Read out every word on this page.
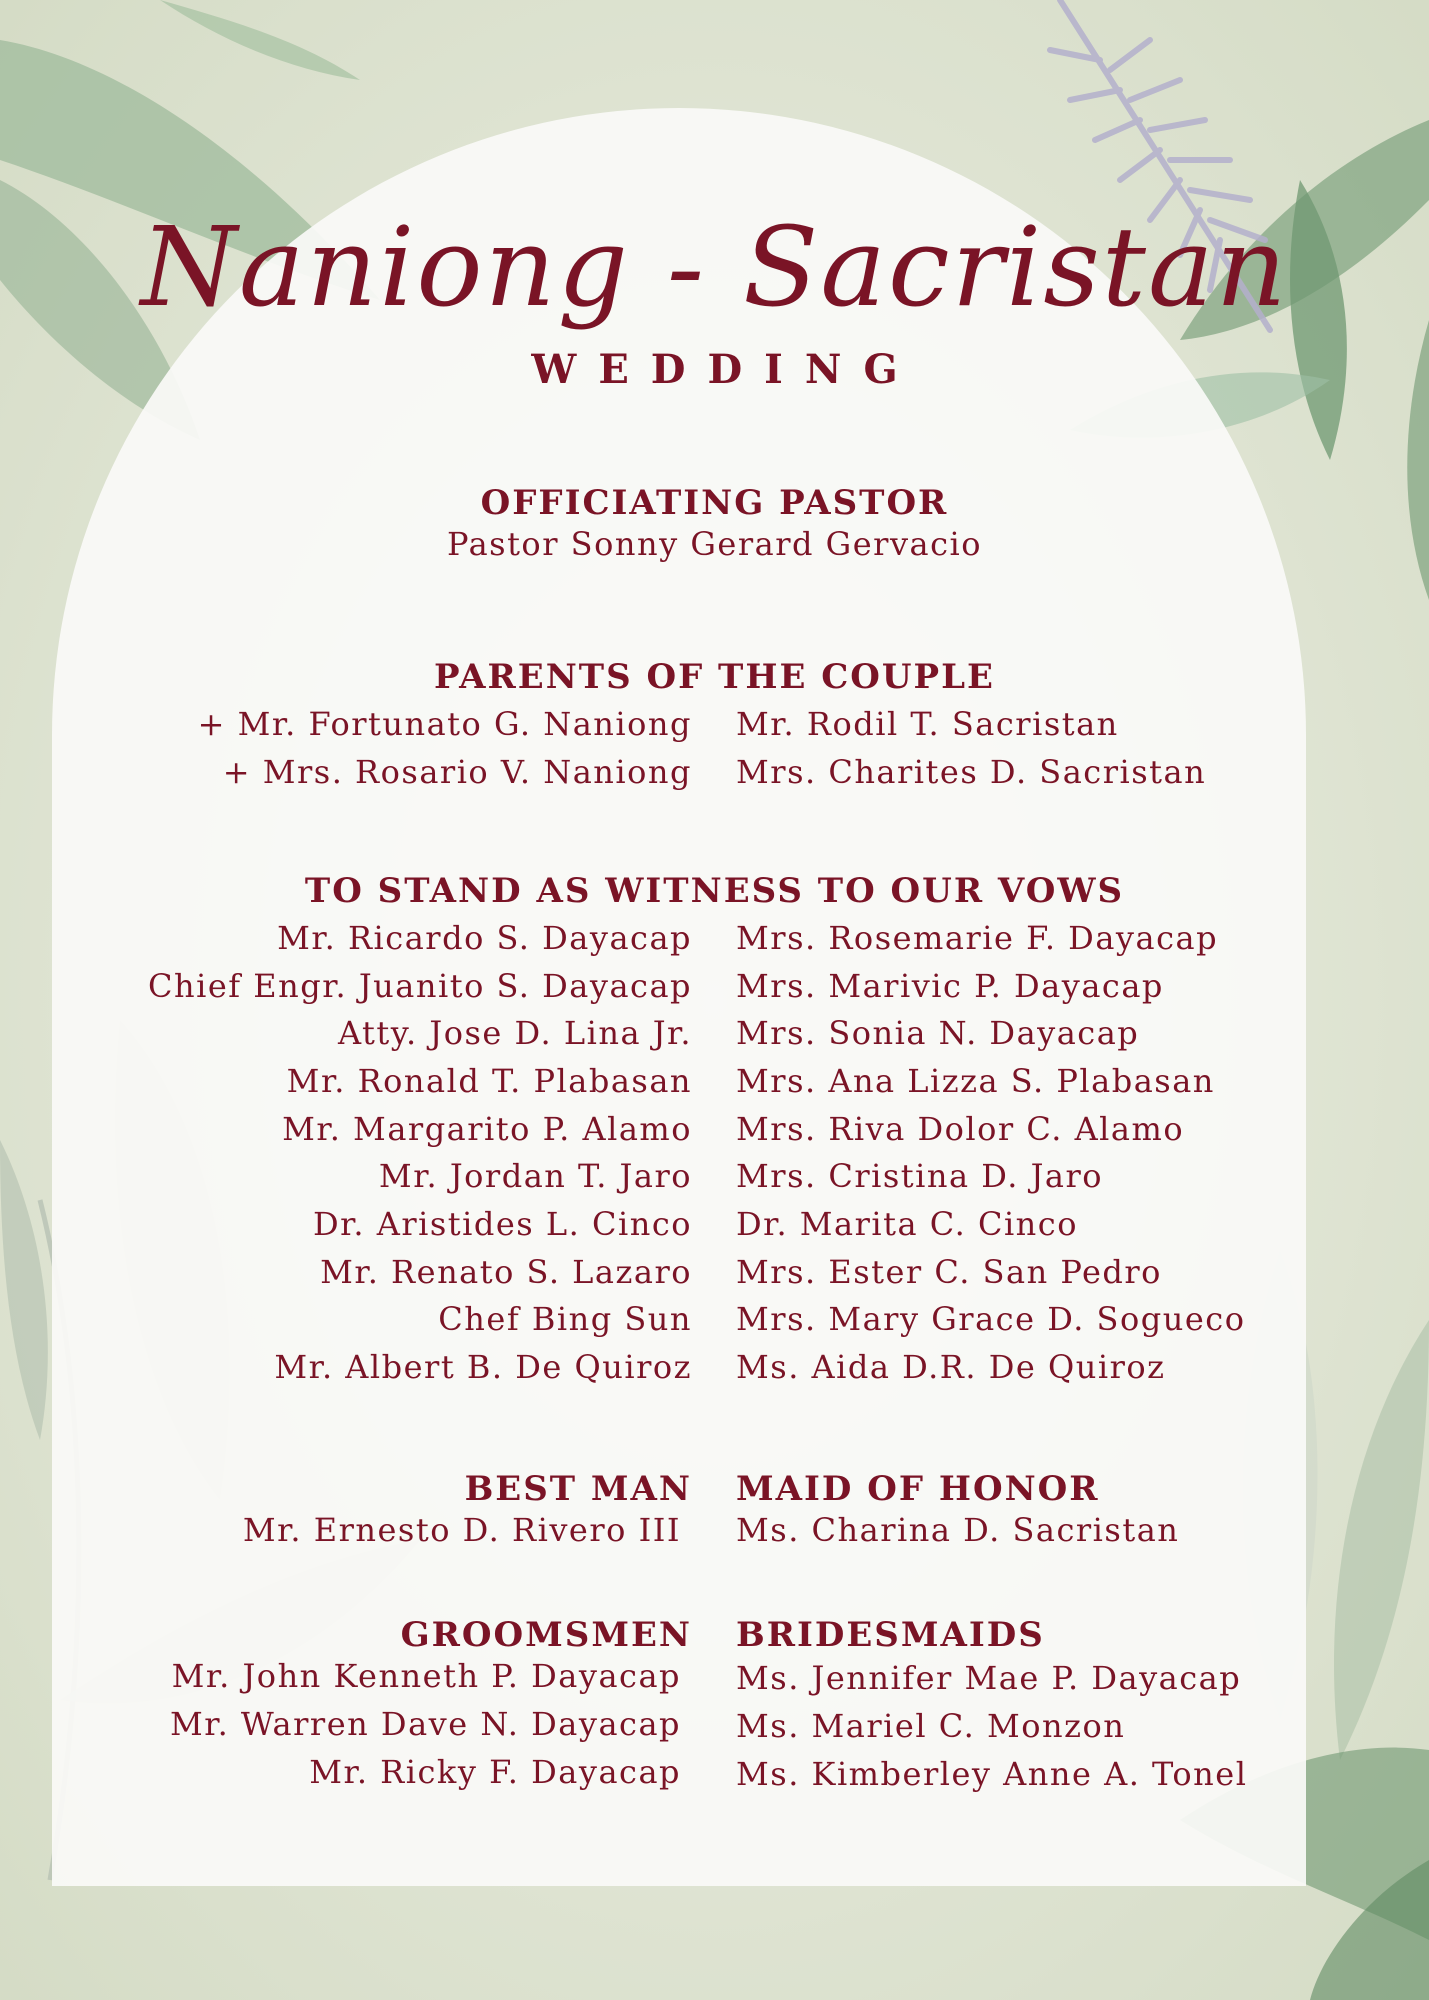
Naniong - Sacristan
WEDDING
OFFICIATING PASTOR
Pastor Sonny Gerard Gervacio
PARENTS OF THE COUPLE
+ Mr. Fortunato G. Naniong
+ Mrs. Rosario V. Naniong
Mr. Rodil T. Sacristan
Mrs. Charites D. Sacristan
TO STAND AS WITNESS TO OUR VOWS
Mr. Ricardo S. Dayacap
Chief Engr. Juanito S. Dayacap
Atty. Jose D. Lina Jr.
Mr. Ronald T. Plabasan
Mr. Margarito P. Alamo
Mr. Jordan T. Jaro
Dr. Aristides L. Cinco
Mr. Renato S. Lazaro
Chef Bing Sun
Mr. Albert B. De Quiroz
Mrs. Rosemarie F. Dayacap
Mrs. Marivic P. Dayacap
Mrs. Sonia N. Dayacap
Mrs. Ana Lizza S. Plabasan
Mrs. Riva Dolor C. Alamo
Mrs. Cristina D. Jaro
Dr. Marita C. Cinco
Mrs. Ester C. San Pedro
Mrs. Mary Grace D. Sogueco
Ms. Aida D.R. De Quiroz
BEST MAN MAID OF HONOR
Mr. Ernesto D. Rivero III Ms. Charina D. Sacristan
GROOMSMEN BRIDESMAIDS
Mr. John Kenneth P. Dayacap
Mr. Warren Dave N. Dayacap
Mr. Ricky F. Dayacap
Ms. Jennifer Mae P. Dayacap
Ms. Mariel C. Monzon
Ms. Kimberley Anne A. Tonel
